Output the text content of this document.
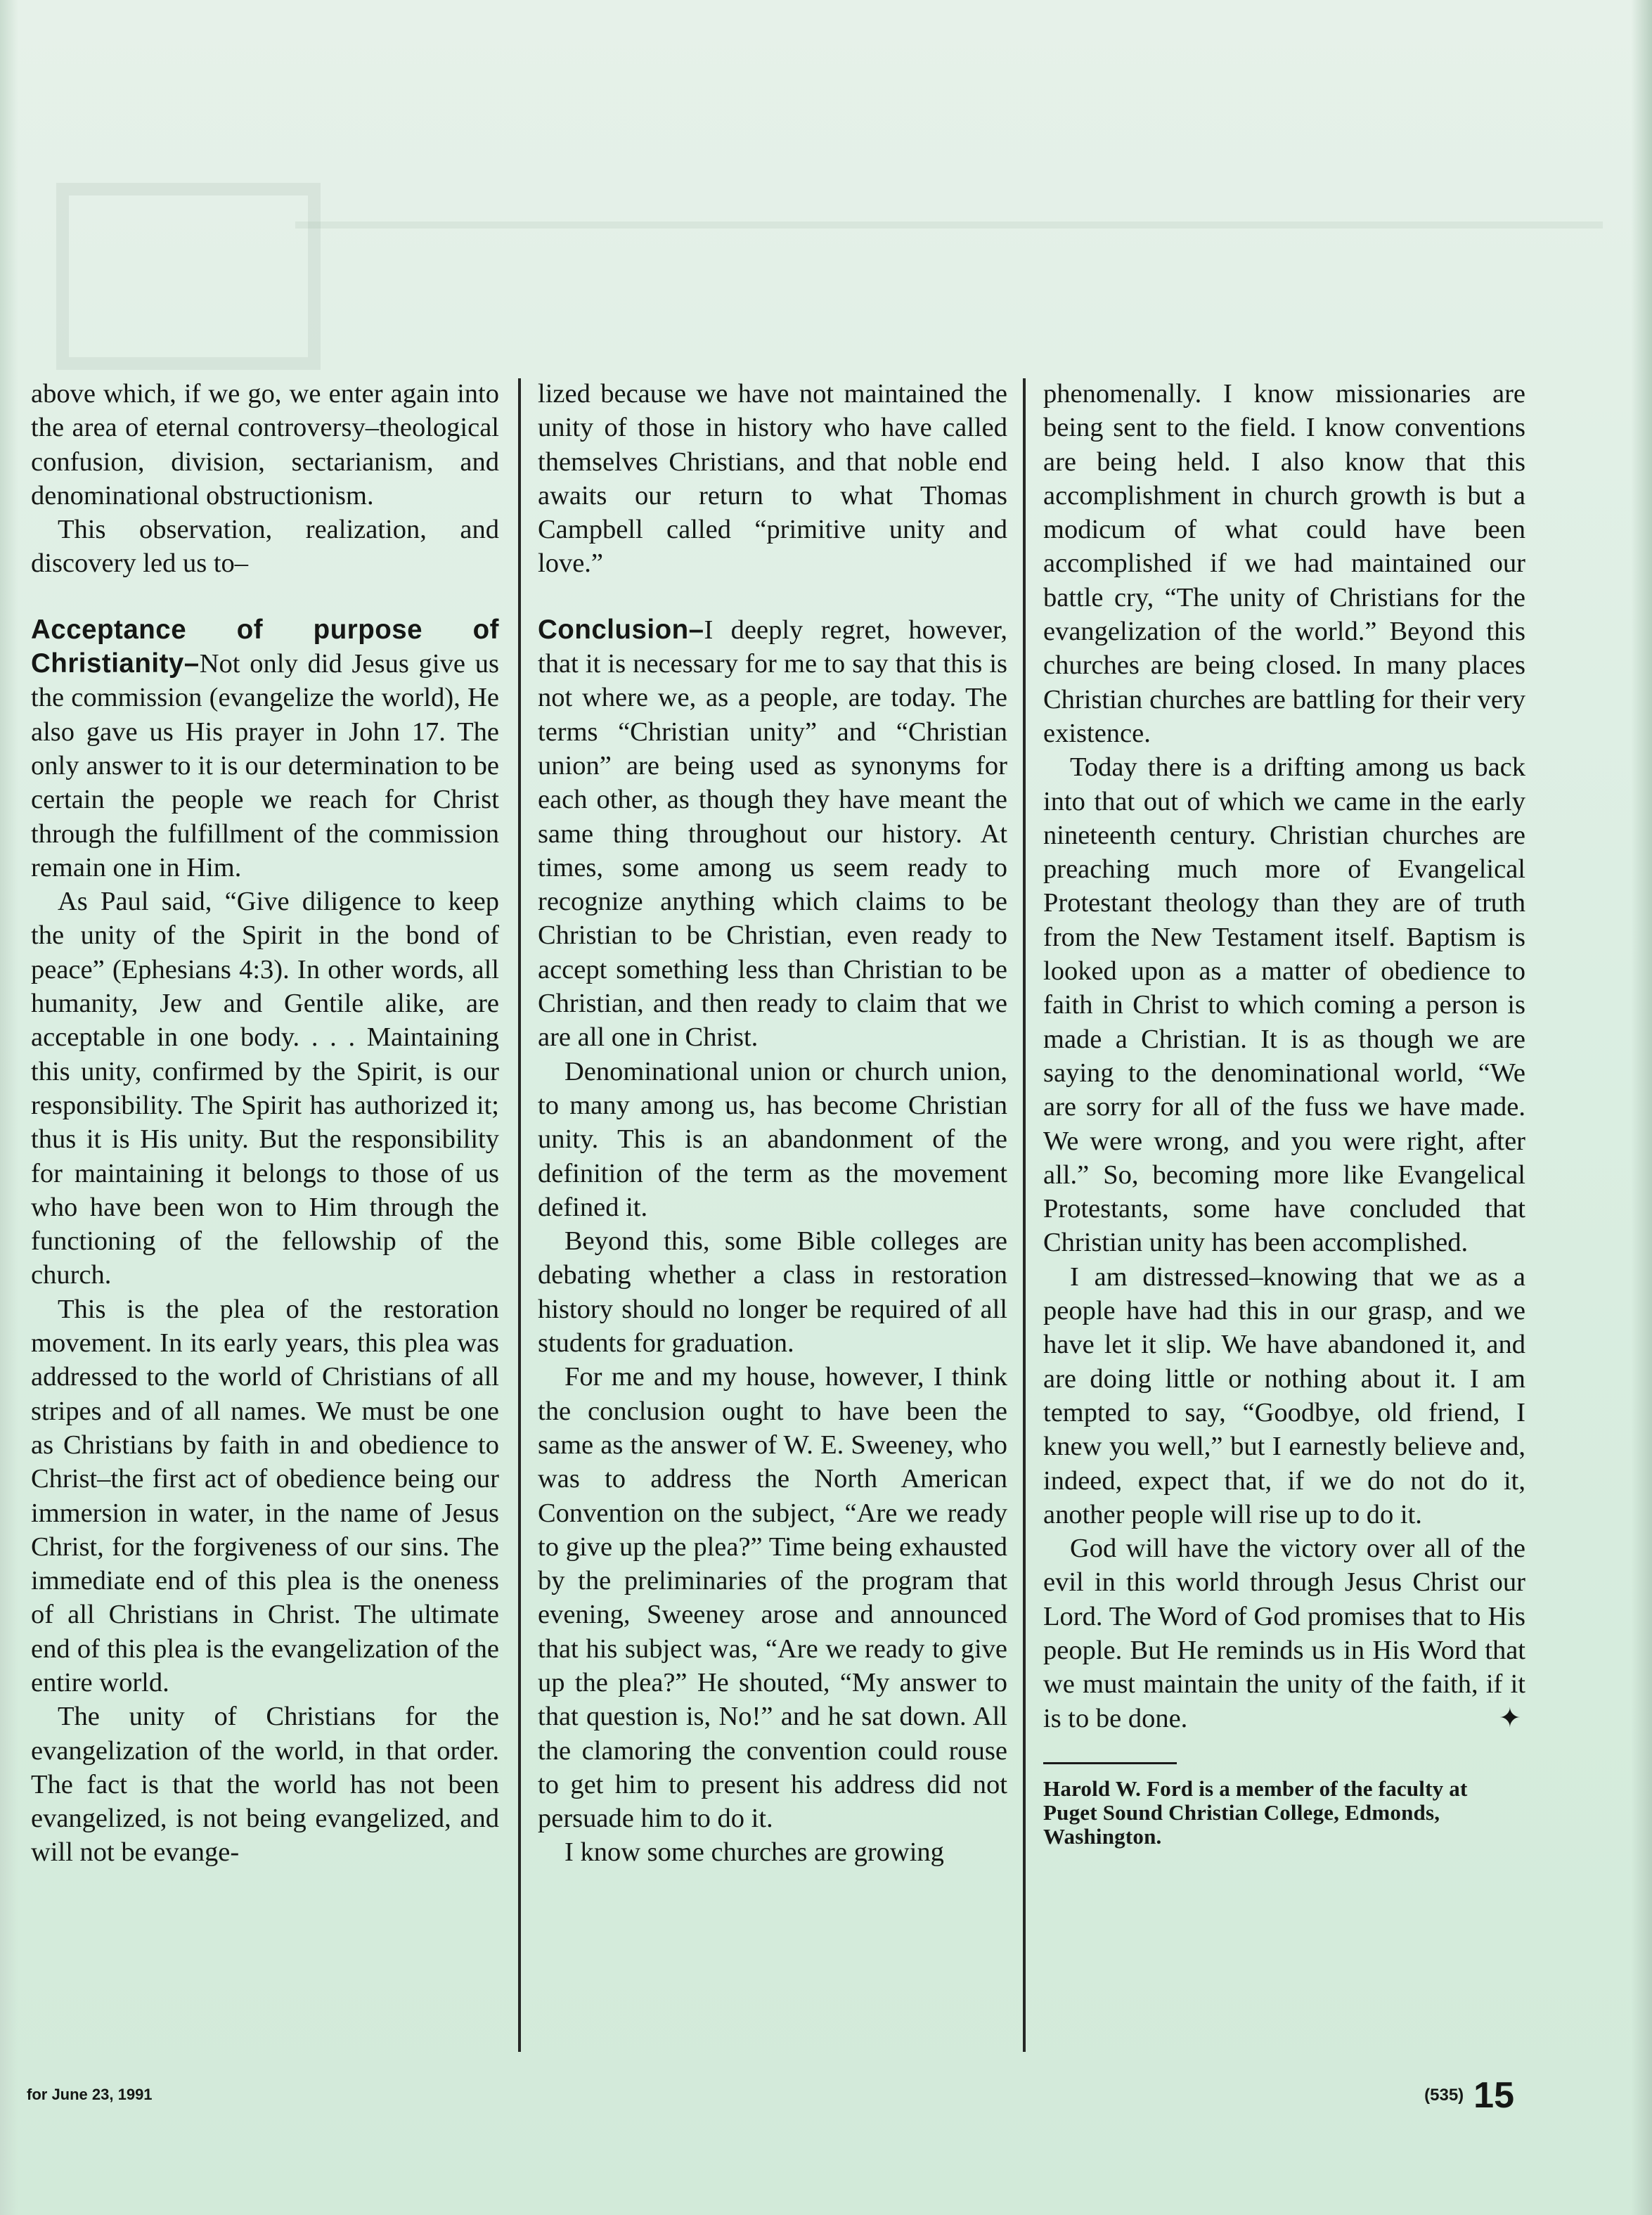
above which, if we go, we enter again into the area of eternal controversy–theological confusion, division, sectarianism, and denominational obstructionism.

This observation, realization, and discovery led us to–

Acceptance of purpose of Christianity–Not only did Jesus give us the commission (evangelize the world), He also gave us His prayer in John 17. The only answer to it is our determination to be certain the people we reach for Christ through the fulfillment of the commission remain one in Him.

As Paul said, “Give diligence to keep the unity of the Spirit in the bond of peace” (Ephesians 4:3). In other words, all humanity, Jew and Gentile alike, are acceptable in one body. . . . Maintaining this unity, confirmed by the Spirit, is our responsibility. The Spirit has authorized it; thus it is His unity. But the responsibility for maintaining it belongs to those of us who have been won to Him through the functioning of the fellowship of the church.

This is the plea of the restoration movement. In its early years, this plea was addressed to the world of Christians of all stripes and of all names. We must be one as Christians by faith in and obedience to Christ–the first act of obedience being our immersion in water, in the name of Jesus Christ, for the forgiveness of our sins. The immediate end of this plea is the oneness of all Christians in Christ. The ultimate end of this plea is the evangelization of the entire world.

The unity of Christians for the evangelization of the world, in that order. The fact is that the world has not been evangelized, is not being evangelized, and will not be evange-

lized because we have not maintained the unity of those in history who have called themselves Christians, and that noble end awaits our return to what Thomas Campbell called “primitive unity and love.”

Conclusion–I deeply regret, however, that it is necessary for me to say that this is not where we, as a people, are today. The terms “Christian unity” and “Christian union” are being used as synonyms for each other, as though they have meant the same thing throughout our history. At times, some among us seem ready to recognize anything which claims to be Christian to be Christian, even ready to accept something less than Christian to be Christian, and then ready to claim that we are all one in Christ.

Denominational union or church union, to many among us, has become Christian unity. This is an abandonment of the definition of the term as the movement defined it.

Beyond this, some Bible colleges are debating whether a class in restoration history should no longer be required of all students for graduation.

For me and my house, however, I think the conclusion ought to have been the same as the answer of W. E. Sweeney, who was to address the North American Convention on the subject, “Are we ready to give up the plea?” Time being exhausted by the preliminaries of the program that evening, Sweeney arose and announced that his subject was, “Are we ready to give up the plea?” He shouted, “My answer to that question is, No!” and he sat down. All the clamoring the convention could rouse to get him to present his address did not persuade him to do it.

I know some churches are growing

phenomenally. I know missionaries are being sent to the field. I know conventions are being held. I also know that this accomplishment in church growth is but a modicum of what could have been accomplished if we had maintained our battle cry, “The unity of Christians for the evangelization of the world.” Beyond this churches are being closed. In many places Christian churches are battling for their very existence.

Today there is a drifting among us back into that out of which we came in the early nineteenth century. Christian churches are preaching much more of Evangelical Protestant theology than they are of truth from the New Testament itself. Baptism is looked upon as a matter of obedience to faith in Christ to which coming a person is made a Christian. It is as though we are saying to the denominational world, “We are sorry for all of the fuss we have made. We were wrong, and you were right, after all.” So, becoming more like Evangelical Protestants, some have concluded that Christian unity has been accomplished.

I am distressed–knowing that we as a people have had this in our grasp, and we have let it slip. We have abandoned it, and are doing little or nothing about it. I am tempted to say, “Goodbye, old friend, I knew you well,” but I earnestly believe and, indeed, expect that, if we do not do it, another people will rise up to do it.

God will have the victory over all of the evil in this world through Jesus Christ our Lord. The Word of God promises that to His people. But He reminds us in His Word that we must maintain the unity of the faith, if it is to be done.	✦

Harold W. Ford is a member of the faculty at Puget Sound Christian College, Edmonds, Washington.
for June 23, 1991	(535) 15
